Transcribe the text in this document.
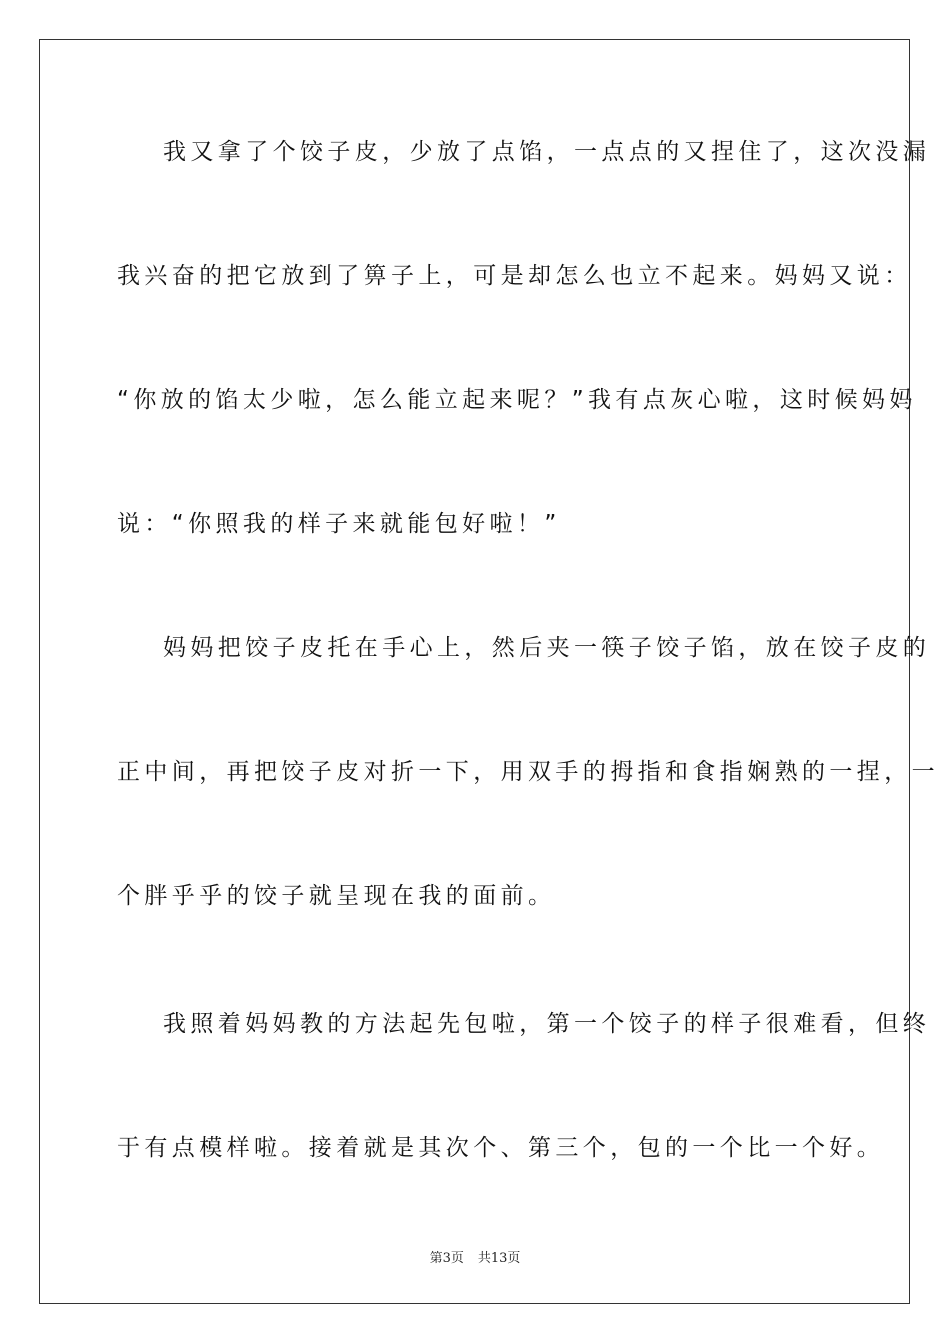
我又拿了个饺子皮，少放了点馅，一点点的又捏住了，这次没漏
我兴奋的把它放到了箅子上，可是却怎么也立不起来。妈妈又说：
“你放的馅太少啦，怎么能立起来呢？”我有点灰心啦，这时候妈妈
说：“你照我的样子来就能包好啦！”
妈妈把饺子皮托在手心上，然后夹一筷子饺子馅，放在饺子皮的
正中间，再把饺子皮对折一下，用双手的拇指和食指娴熟的一捏，一
个胖乎乎的饺子就呈现在我的面前。
我照着妈妈教的方法起先包啦，第一个饺子的样子很难看，但终
于有点模样啦。接着就是其次个、第三个，包的一个比一个好。
第3页 共13页
